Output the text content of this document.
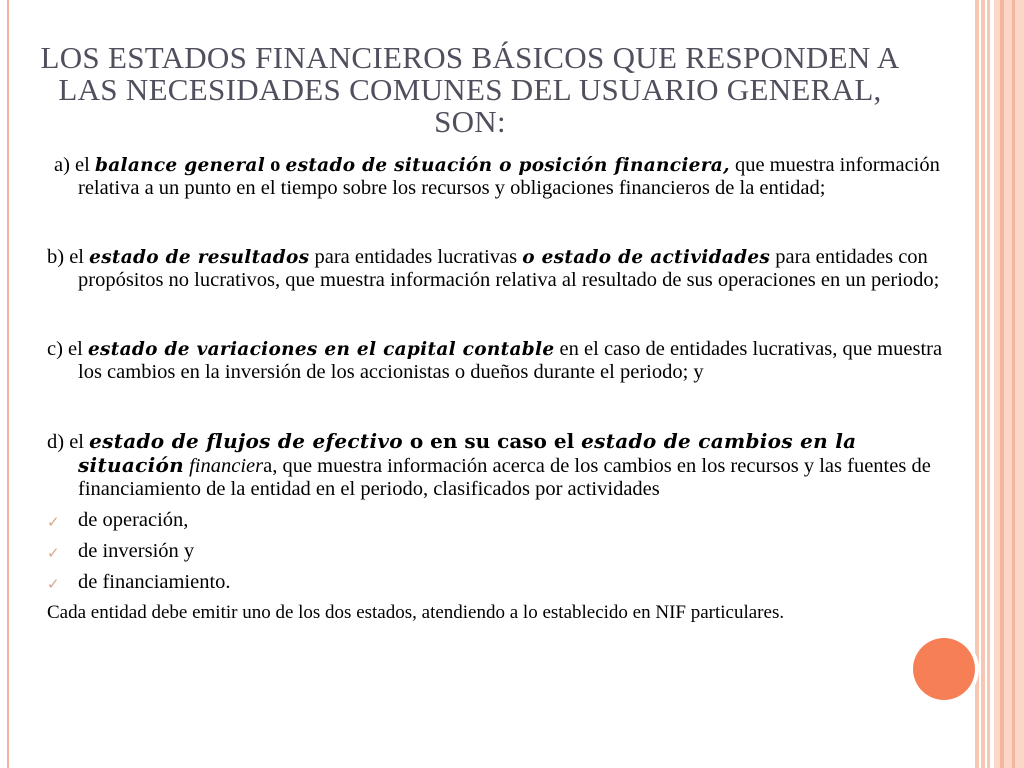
LOS ESTADOS FINANCIEROS BÁSICOS QUE RESPONDEN A LAS NECESIDADES COMUNES DEL USUARIO GENERAL, SON:
a) el balance general o estado de situación o posición financiera, que muestra información relativa a un punto en el tiempo sobre los recursos y obligaciones financieros de la entidad;
b) el estado de resultados para entidades lucrativas o estado de actividades para entidades con propósitos no lucrativos, que muestra información relativa al resultado de sus operaciones en un periodo;
c) el estado de variaciones en el capital contable en el caso de entidades lucrativas, que muestra los cambios en la inversión de los accionistas o dueños durante el periodo; y
d) el estado de flujos de efectivo o en su caso el estado de cambios en la situación financiera, que muestra información acerca de los cambios en los recursos y las fuentes de financiamiento de la entidad en el periodo, clasificados por actividades
✓ de operación,
✓ de inversión y
✓ de financiamiento.
Cada entidad debe emitir uno de los dos estados, atendiendo a lo establecido en NIF particulares.
